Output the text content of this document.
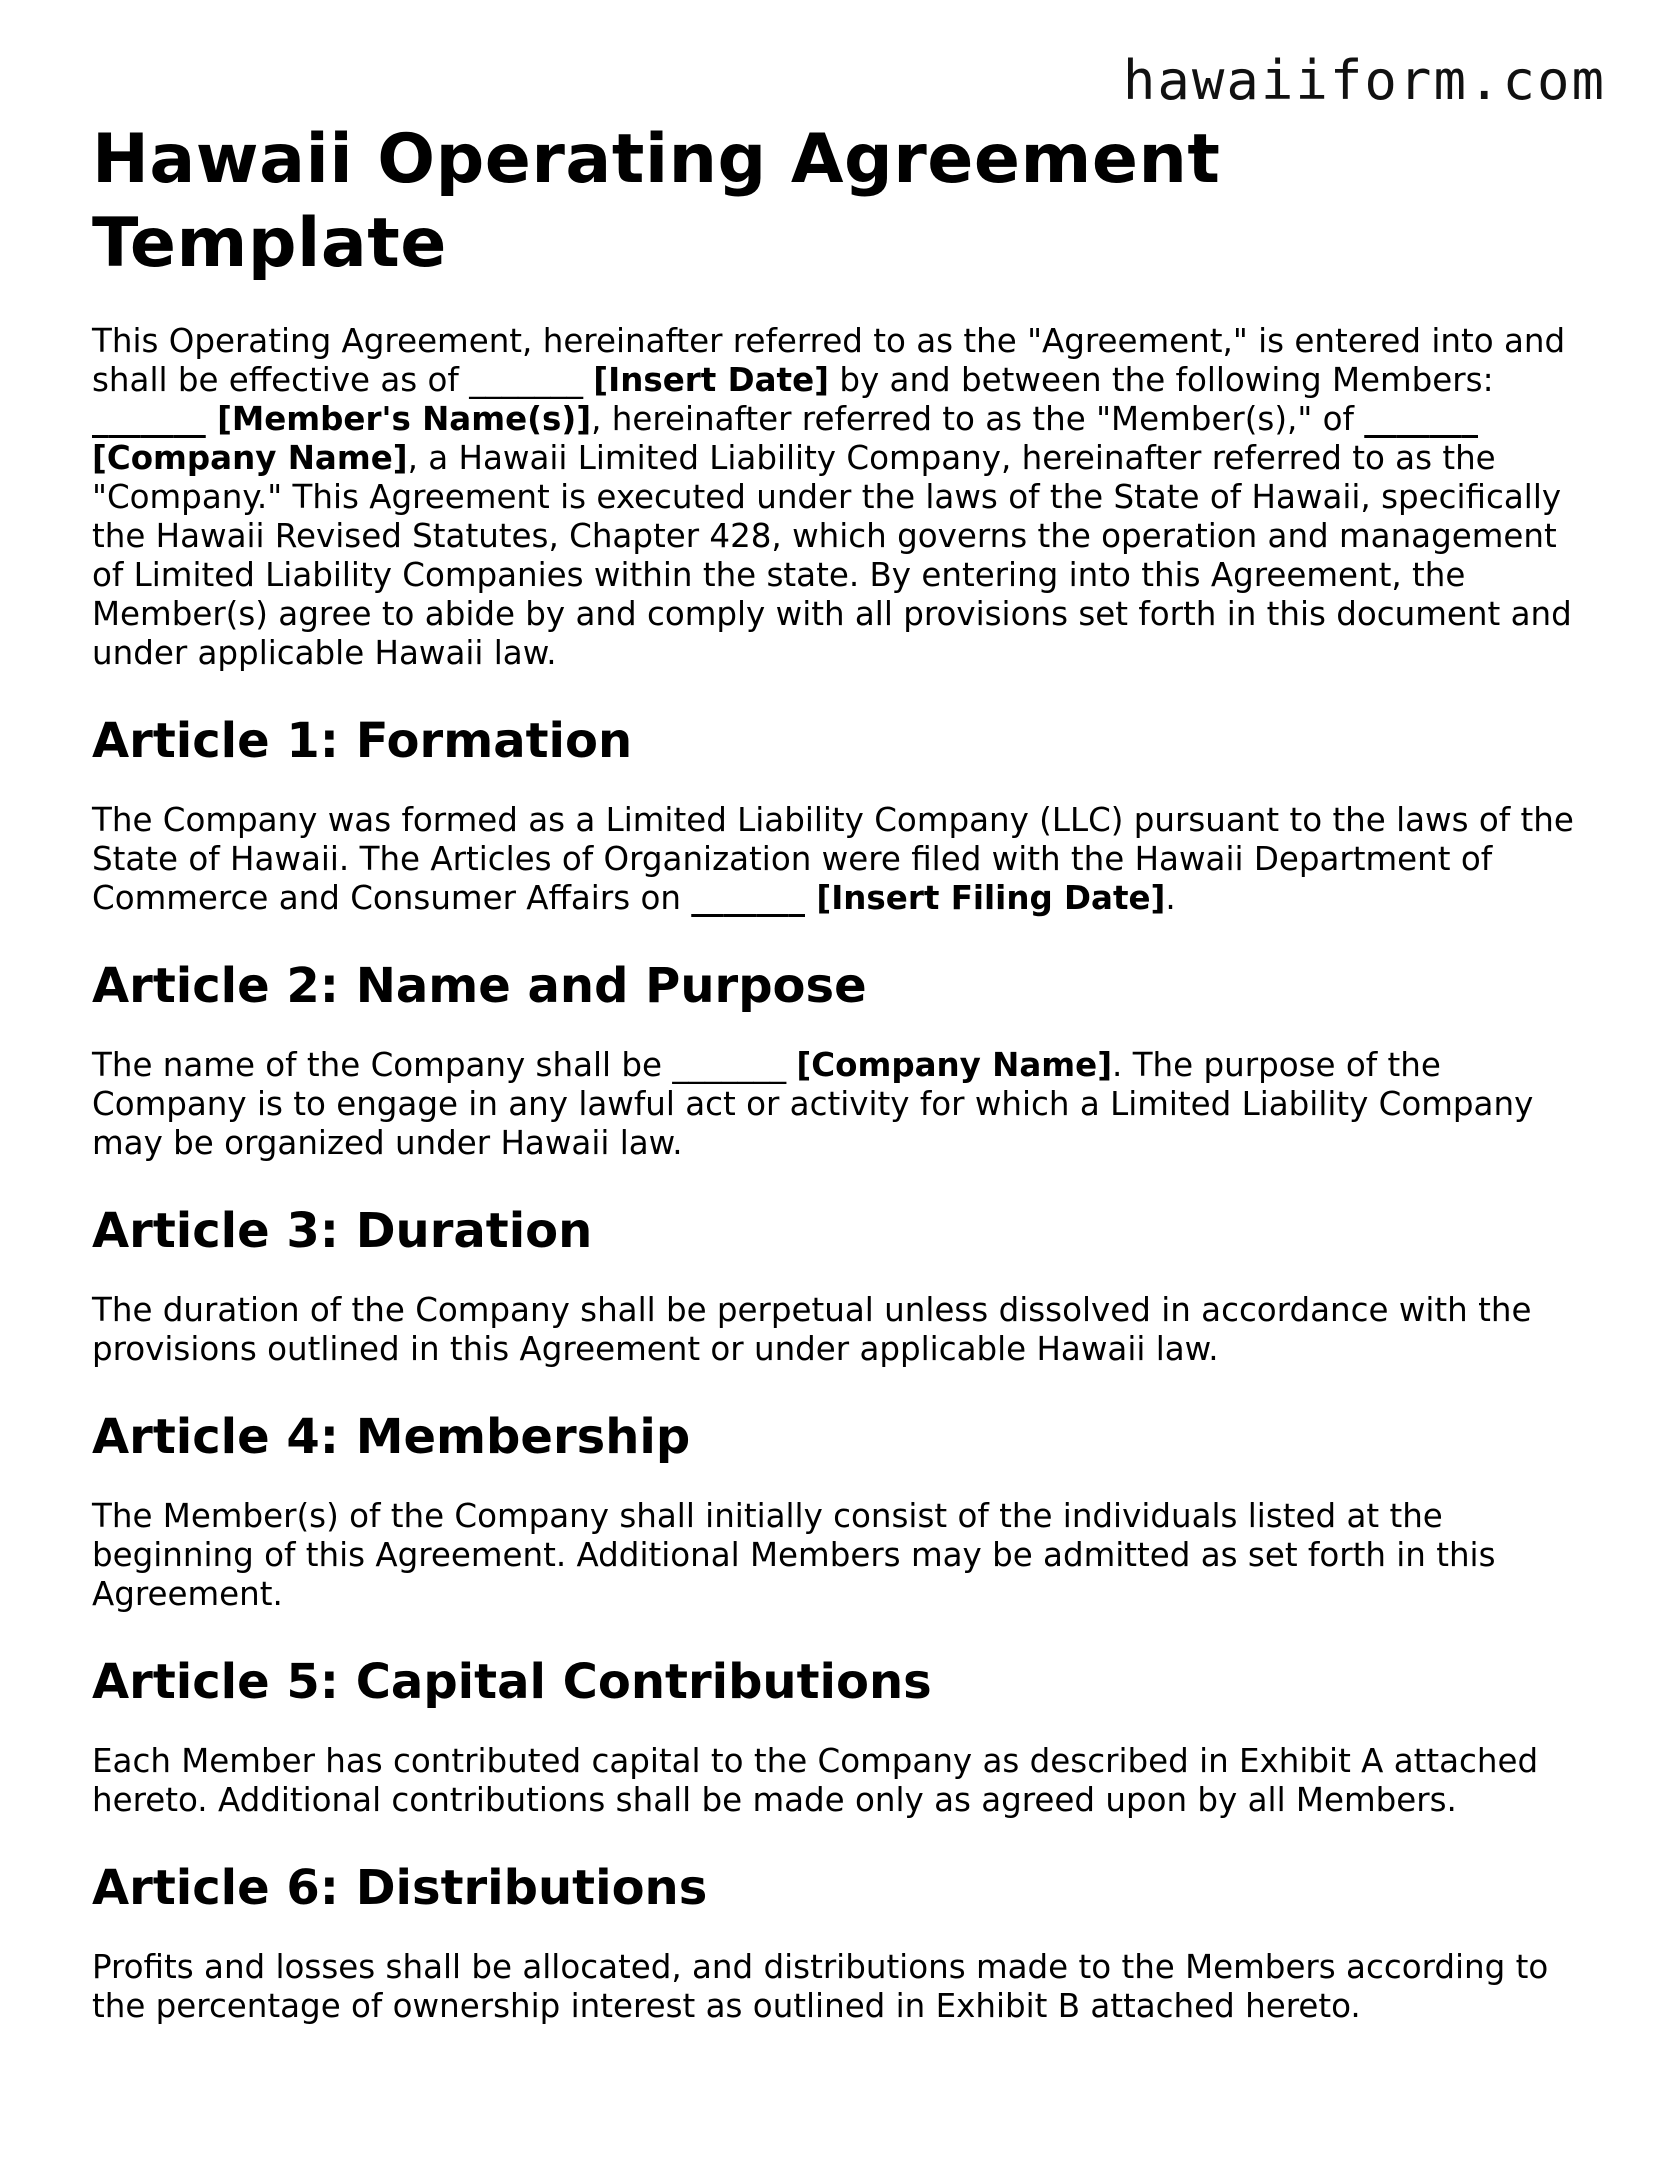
hawaiiform.com
Hawaii Operating Agreement Template

This Operating Agreement, hereinafter referred to as the "Agreement," is entered into and shall be effective as of _______ [Insert Date] by and between the following Members: _______ [Member's Name(s)], hereinafter referred to as the "Member(s)," of _______ [Company Name], a Hawaii Limited Liability Company, hereinafter referred to as the "Company." This Agreement is executed under the laws of the State of Hawaii, specifically the Hawaii Revised Statutes, Chapter 428, which governs the operation and management of Limited Liability Companies within the state. By entering into this Agreement, the Member(s) agree to abide by and comply with all provisions set forth in this document and under applicable Hawaii law.

Article 1: Formation

The Company was formed as a Limited Liability Company (LLC) pursuant to the laws of the State of Hawaii. The Articles of Organization were filed with the Hawaii Department of Commerce and Consumer Affairs on _______ [Insert Filing Date].

Article 2: Name and Purpose

The name of the Company shall be _______ [Company Name]. The purpose of the Company is to engage in any lawful act or activity for which a Limited Liability Company may be organized under Hawaii law.

Article 3: Duration

The duration of the Company shall be perpetual unless dissolved in accordance with the provisions outlined in this Agreement or under applicable Hawaii law.

Article 4: Membership

The Member(s) of the Company shall initially consist of the individuals listed at the beginning of this Agreement. Additional Members may be admitted as set forth in this Agreement.

Article 5: Capital Contributions

Each Member has contributed capital to the Company as described in Exhibit A attached hereto. Additional contributions shall be made only as agreed upon by all Members.

Article 6: Distributions

Profits and losses shall be allocated, and distributions made to the Members according to the percentage of ownership interest as outlined in Exhibit B attached hereto.
